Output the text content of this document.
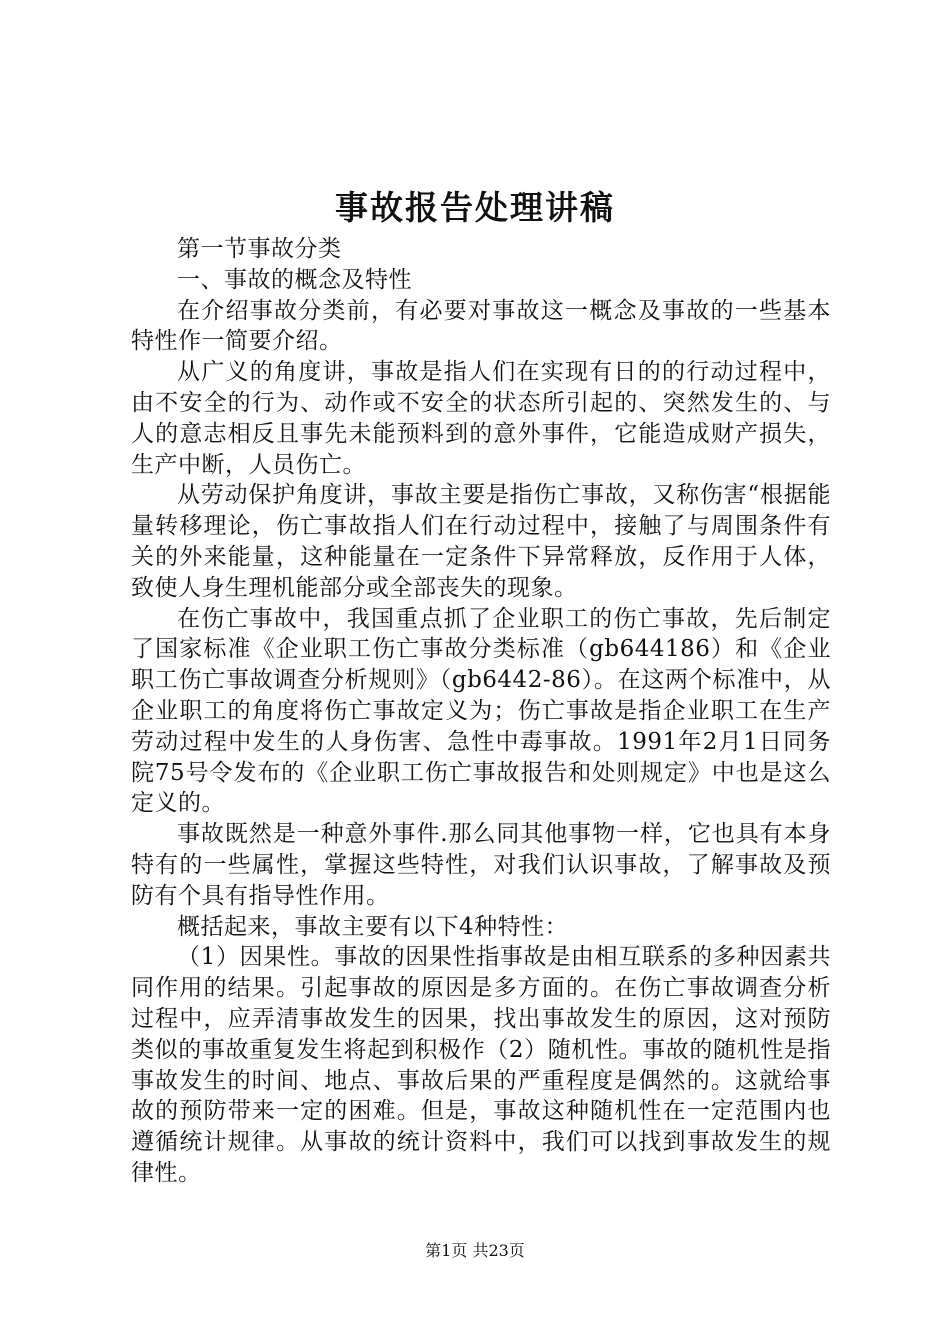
事故报告处理讲稿

第一节事故分类

一、事故的概念及特性

在介绍事故分类前，有必要对事故这一概念及事故的一些基本特性作一简要介绍。

从广义的角度讲，事故是指人们在实现有日的的行动过程中，由不安全的行为、动作或不安全的状态所引起的、突然发生的、与人的意志相反且事先未能预料到的意外事件，它能造成财产损失，生产中断，人员伤亡。

从劳动保护角度讲，事故主要是指伤亡事故，又称伤害“根据能量转移理论，伤亡事故指人们在行动过程中，接触了与周围条件有关的外来能量，这种能量在一定条件下异常释放，反作用于人体，致使人身生理机能部分或全部丧失的现象。

在伤亡事故中，我国重点抓了企业职工的伤亡事故，先后制定了国家标准《企业职工伤亡事故分类标准（gb644186）和《企业职工伤亡事故调查分析规则》（gb6442-86）。在这两个标准中，从企业职工的角度将伤亡事故定义为；伤亡事故是指企业职工在生产劳动过程中发生的人身伤害、急性中毒事故。1991年2月1日同务院75号令发布的《企业职工伤亡事故报告和处则规定》中也是这么定义的。

事故既然是一种意外事件.那么同其他事物一样，它也具有本身特有的一些属性，掌握这些特性，对我们认识事故，了解事故及预防有个具有指导性作用。

概括起来，事故主要有以下4种特性：

（1）因果性。事故的因果性指事故是由相互联系的多种因素共同作用的结果。引起事故的原因是多方面的。在伤亡事故调查分析过程中，应弄清事故发生的因果，找出事故发生的原因，这对预防类似的事故重复发生将起到积极作（2）随机性。事故的随机性是指事故发生的时间、地点、事故后果的严重程度是偶然的。这就给事故的预防带来一定的困难。但是，事故这种随机性在一定范围内也遵循统计规律。从事故的统计资料中，我们可以找到事故发生的规律性。

第1页 共23页
